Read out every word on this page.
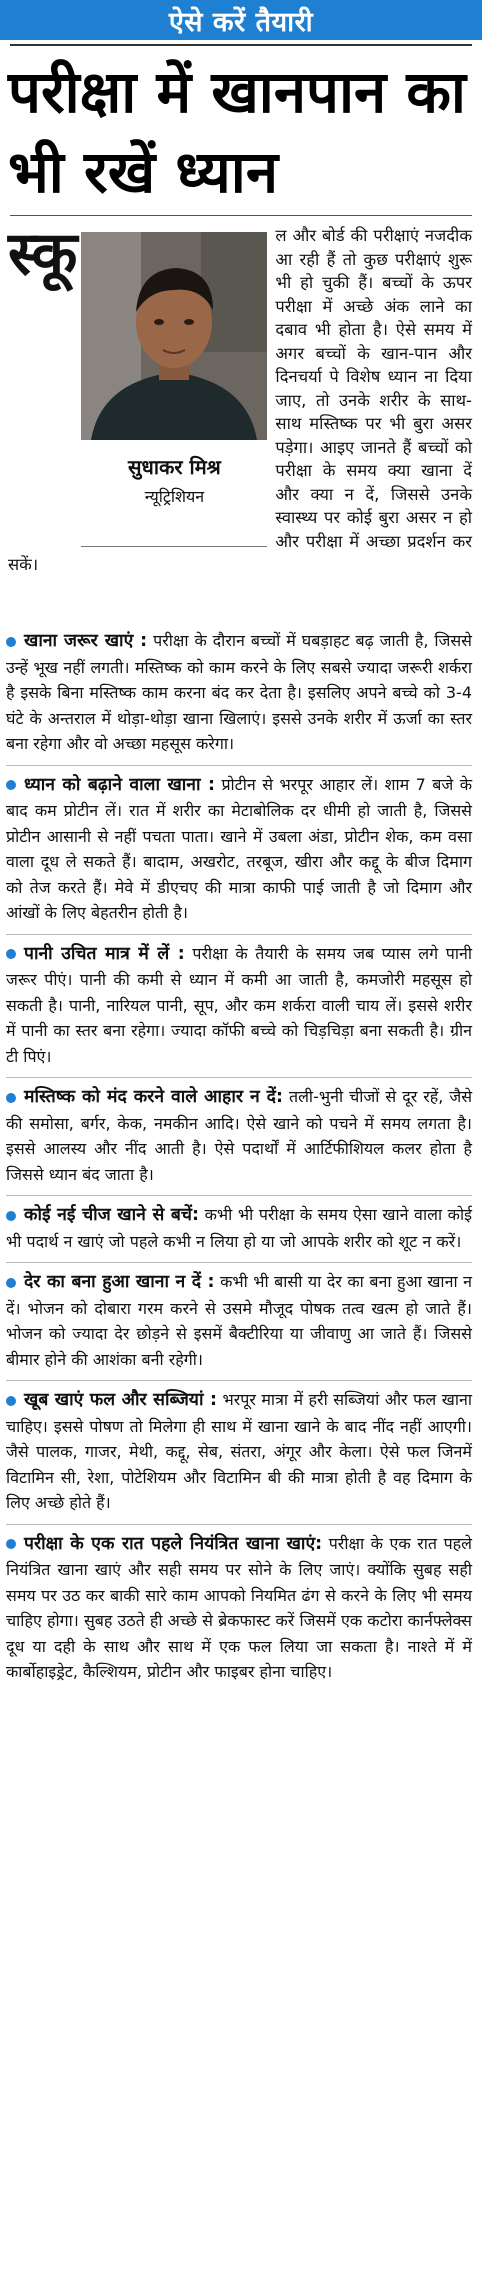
ऐसे करें तैयारी
परीक्षा में खानपान का भी रखें ध्यान
स्कू
सुधाकर मिश्र
न्यूट्रिशियन
ल और बोर्ड की परीक्षाएं नजदीक आ रही हैं तो कुछ परीक्षाएं शुरू भी हो चुकी हैं। बच्चों के ऊपर परीक्षा में अच्छे अंक लाने का दबाव भी होता है। ऐसे समय में अगर बच्चों के खान-पान और दिनचर्या पे विशेष ध्यान ना दिया जाए, तो उनके शरीर के साथ-साथ मस्तिष्क पर भी बुरा असर पड़ेगा। आइए जानते हैं बच्चों को परीक्षा के समय क्या खाना दें और क्या न दें, जिससे उनके स्वास्थ्य पर कोई बुरा असर न हो और परीक्षा में अच्छा प्रदर्शन कर सकें।
खाना जरूर खाएं : परीक्षा के दौरान बच्चों में घबड़ाहट बढ़ जाती है, जिससे उन्हें भूख नहीं लगती। मस्तिष्क को काम करने के लिए सबसे ज्यादा जरूरी शर्करा है इसके बिना मस्तिष्क काम करना बंद कर देता है। इसलिए अपने बच्चे को 3-4 घंटे के अन्तराल में थोड़ा-थोड़ा खाना खिलाएं। इससे उनके शरीर में ऊर्जा का स्तर बना रहेगा और वो अच्छा महसूस करेगा।
ध्यान को बढ़ाने वाला खाना : प्रोटीन से भरपूर आहार लें। शाम 7 बजे के बाद कम प्रोटीन लें। रात में शरीर का मेटाबोलिक दर धीमी हो जाती है, जिससे प्रोटीन आसानी से नहीं पचता पाता। खाने में उबला अंडा, प्रोटीन शेक, कम वसा वाला दूध ले सकते हैं। बादाम, अखरोट, तरबूज, खीरा और कद्दू के बीज दिमाग को तेज करते हैं। मेवे में डीएचए की मात्रा काफी पाई जाती है जो दिमाग और आंखों के लिए बेहतरीन होती है।
पानी उचित मात्र में लें : परीक्षा के तैयारी के समय जब प्यास लगे पानी जरूर पीएं। पानी की कमी से ध्यान में कमी आ जाती है, कमजोरी महसूस हो सकती है। पानी, नारियल पानी, सूप, और कम शर्करा वाली चाय लें। इससे शरीर में पानी का स्तर बना रहेगा। ज्यादा कॉफी बच्चे को चिड़चिड़ा बना सकती है। ग्रीन टी पिएं।
मस्तिष्क को मंद करने वाले आहार न दें: तली-भुनी चीजों से दूर रहें, जैसे की समोसा, बर्गर, केक, नमकीन आदि। ऐसे खाने को पचने में समय लगता है। इससे आलस्य और नींद आती है। ऐसे पदार्थों में आर्टिफीशियल कलर होता है जिससे ध्यान बंद जाता है।
कोई नई चीज खाने से बचें: कभी भी परीक्षा के समय ऐसा खाने वाला कोई भी पदार्थ न खाएं जो पहले कभी न लिया हो या जो आपके शरीर को शूट न करें।
देर का बना हुआ खाना न दें : कभी भी बासी या देर का बना हुआ खाना न दें। भोजन को दोबारा गरम करने से उसमे मौजूद पोषक तत्व खत्म हो जाते हैं। भोजन को ज्यादा देर छोड़ने से इसमें बैक्टीरिया या जीवाणु आ जाते हैं। जिससे बीमार होने की आशंका बनी रहेगी।
खूब खाएं फल और सब्जियां : भरपूर मात्रा में हरी सब्जियां और फल खाना चाहिए। इससे पोषण तो मिलेगा ही साथ में खाना खाने के बाद नींद नहीं आएगी। जैसे पालक, गाजर, मेथी, कद्दू, सेब, संतरा, अंगूर और केला। ऐसे फल जिनमें विटामिन सी, रेशा, पोटेशियम और विटामिन बी की मात्रा होती है वह दिमाग के लिए अच्छे होते हैं।
परीक्षा के एक रात पहले नियंत्रित खाना खाएं: परीक्षा के एक रात पहले नियंत्रित खाना खाएं और सही समय पर सोने के लिए जाएं। क्योंकि सुबह सही समय पर उठ कर बाकी सारे काम आपको नियमित ढंग से करने के लिए भी समय चाहिए होगा। सुबह उठते ही अच्छे से ब्रेकफास्ट करें जिसमें एक कटोरा कार्नफ्लेक्स दूध या दही के साथ और साथ में एक फल लिया जा सकता है। नाश्ते में में कार्बोहाइड्रेट, कैल्शियम, प्रोटीन और फाइबर होना चाहिए।
